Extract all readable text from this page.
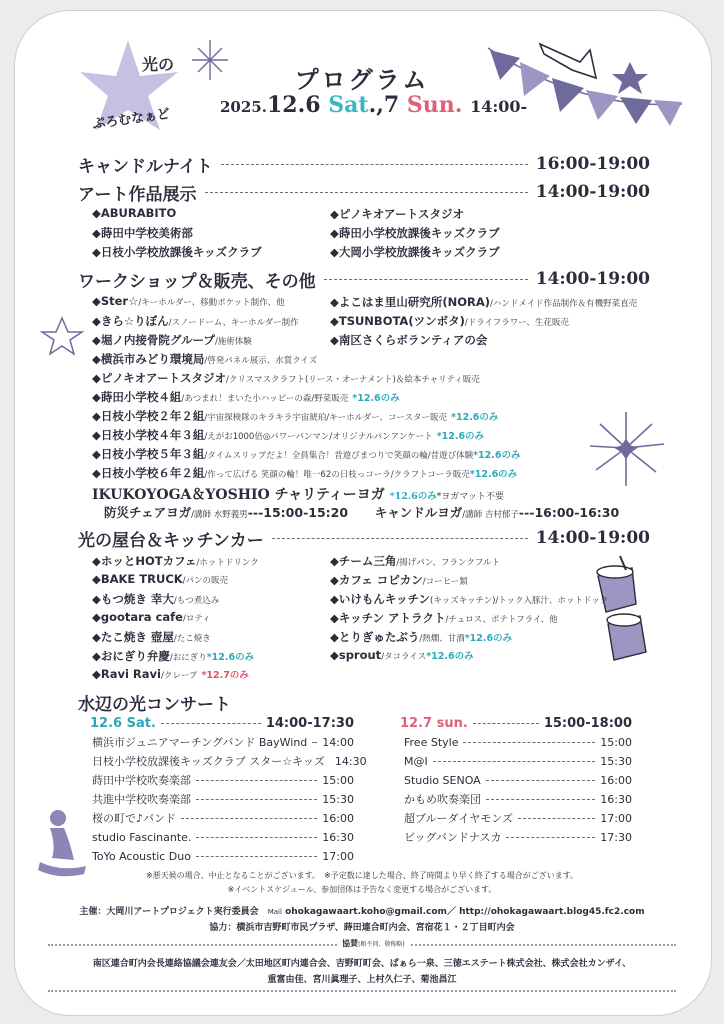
光の
ぷろむなぁど
プログラム
2025.12.6 Sat.,7 Sun. 14:00-
キャンドルナイト	16:00-19:00
アート作品展示	14:00-19:00
◆ABURABITO
◆蒔田中学校美術部
◆日枝小学校放課後キッズクラブ
◆ピノキオアートスタジオ
◆蒔田小学校放課後キッズクラブ
◆大岡小学校放課後キッズクラブ
ワークショップ＆販売、その他	14:00-19:00
◆Ster☆/キーホルダー、移動ポケット制作、他
◆きら☆りぼん/スノードーム、キーホルダー制作
◆堀ノ内接骨院グループ/施術体験
◆よこはま里山研究所(NORA)/ハンドメイド作品制作＆有機野菜直売
◆TSUNBOTA(ツンボタ)/ドライフラワー、生花販売
◆南区さくらボランティアの会
◆横浜市みどり環境局/啓発パネル展示、水質クイズ
◆ピノキオアートスタジオ/クリスマスクラフト(リース・オーナメント)＆絵本チャリティ販売
◆蒔田小学校４組/あつまれ！まいた小ハッピーの森/野菜販売 *12.6のみ
◆日枝小学校２年２組/宇宙探検隊のキラキラ宇宙琥珀/キーホルダー、コースター販売 *12.6のみ
◆日枝小学校４年３組/えがお1000倍◎パワーパンマン/オリジナルパンアンケート *12.6のみ
◆日枝小学校５年３組/タイムスリップだよ！全員集合！昔遊びまつりで笑顔の輪/昔遊び体験*12.6のみ
◆日枝小学校６年２組/作って広げる 笑顔の輪！唯一62の日枝っコーラ/クラフトコーラ販売*12.6のみ
IKUKOYOGA＆YOSHIO チャリティーヨガ *12.6のみ*ヨガマット不要
防災チェアヨガ/講師 水野義男---15:00-15:20 キャンドルヨガ/講師 吉村郁子---16:00-16:30
光の屋台＆キッチンカー	14:00-19:00
◆ホッとHOTカフェ/ホットドリンク
◆BAKE TRUCK/パンの販売
◆もつ焼き 幸大/もつ煮込み
◆gootara cafe/ロティ
◆たこ焼き 壺屋/たこ焼き
◆おにぎり弁慶/おにぎり*12.6のみ
◆Ravi Ravi/クレープ *12.7のみ
◆チーム三角/揚げパン、フランクフルト
◆カフェ コピカン/コーヒー類
◆いけもんキッチン(キッズキッチン)/トック入豚汁、ホットドック
◆キッチン アトラクト/チュロス、ポテトフライ、他
◆とりぎゅたぶう/熱燗、甘酒*12.6のみ
◆sprout/タコライス*12.6のみ
水辺の光コンサート
12.6 Sat.	14:00-17:30	12.7 sun.	15:00-18:00
横浜市ジュニアマーチングバンド BayWind 14:00
日枝小学校放課後キッズクラブ スター☆キッズ 14:30
蒔田中学校吹奏楽部	15:00
共進中学校吹奏楽部	15:30
桜の町で♪バンド	16:00
studio Fascinante.	16:30
ToYo Acoustic Duo	17:00
Free Style	15:00
M@I	15:30
Studio SENOA	16:00
かもめ吹奏楽団	16:30
超ブルーダイヤモンズ	17:00
ビッグバンドナスカ	17:30
※悪天候の場合、中止となることがございます。　※予定数に達した場合、終了時間より早く終了する場合がございます。
※イベントスケジュール、参加団体は予告なく変更する場合がございます。
主催：大岡川アートプロジェクト実行委員会　 Mail ohokagawaart.koho@gmail.com／ http://ohokagawaart.blog45.fc2.com
協力：横浜市吉野町市民プラザ、蒔田連合町内会、宮宿花１・２丁目町内会
協賛(順不同、敬称略)
南区連合町内会長連絡協議会連友会／太田地区町内連合会、吉野町町会、ぱぁら一泉、三徳エステート株式会社、株式会社カンザイ、
重富由佳、宮川眞理子、上村久仁子、菊池昌江
